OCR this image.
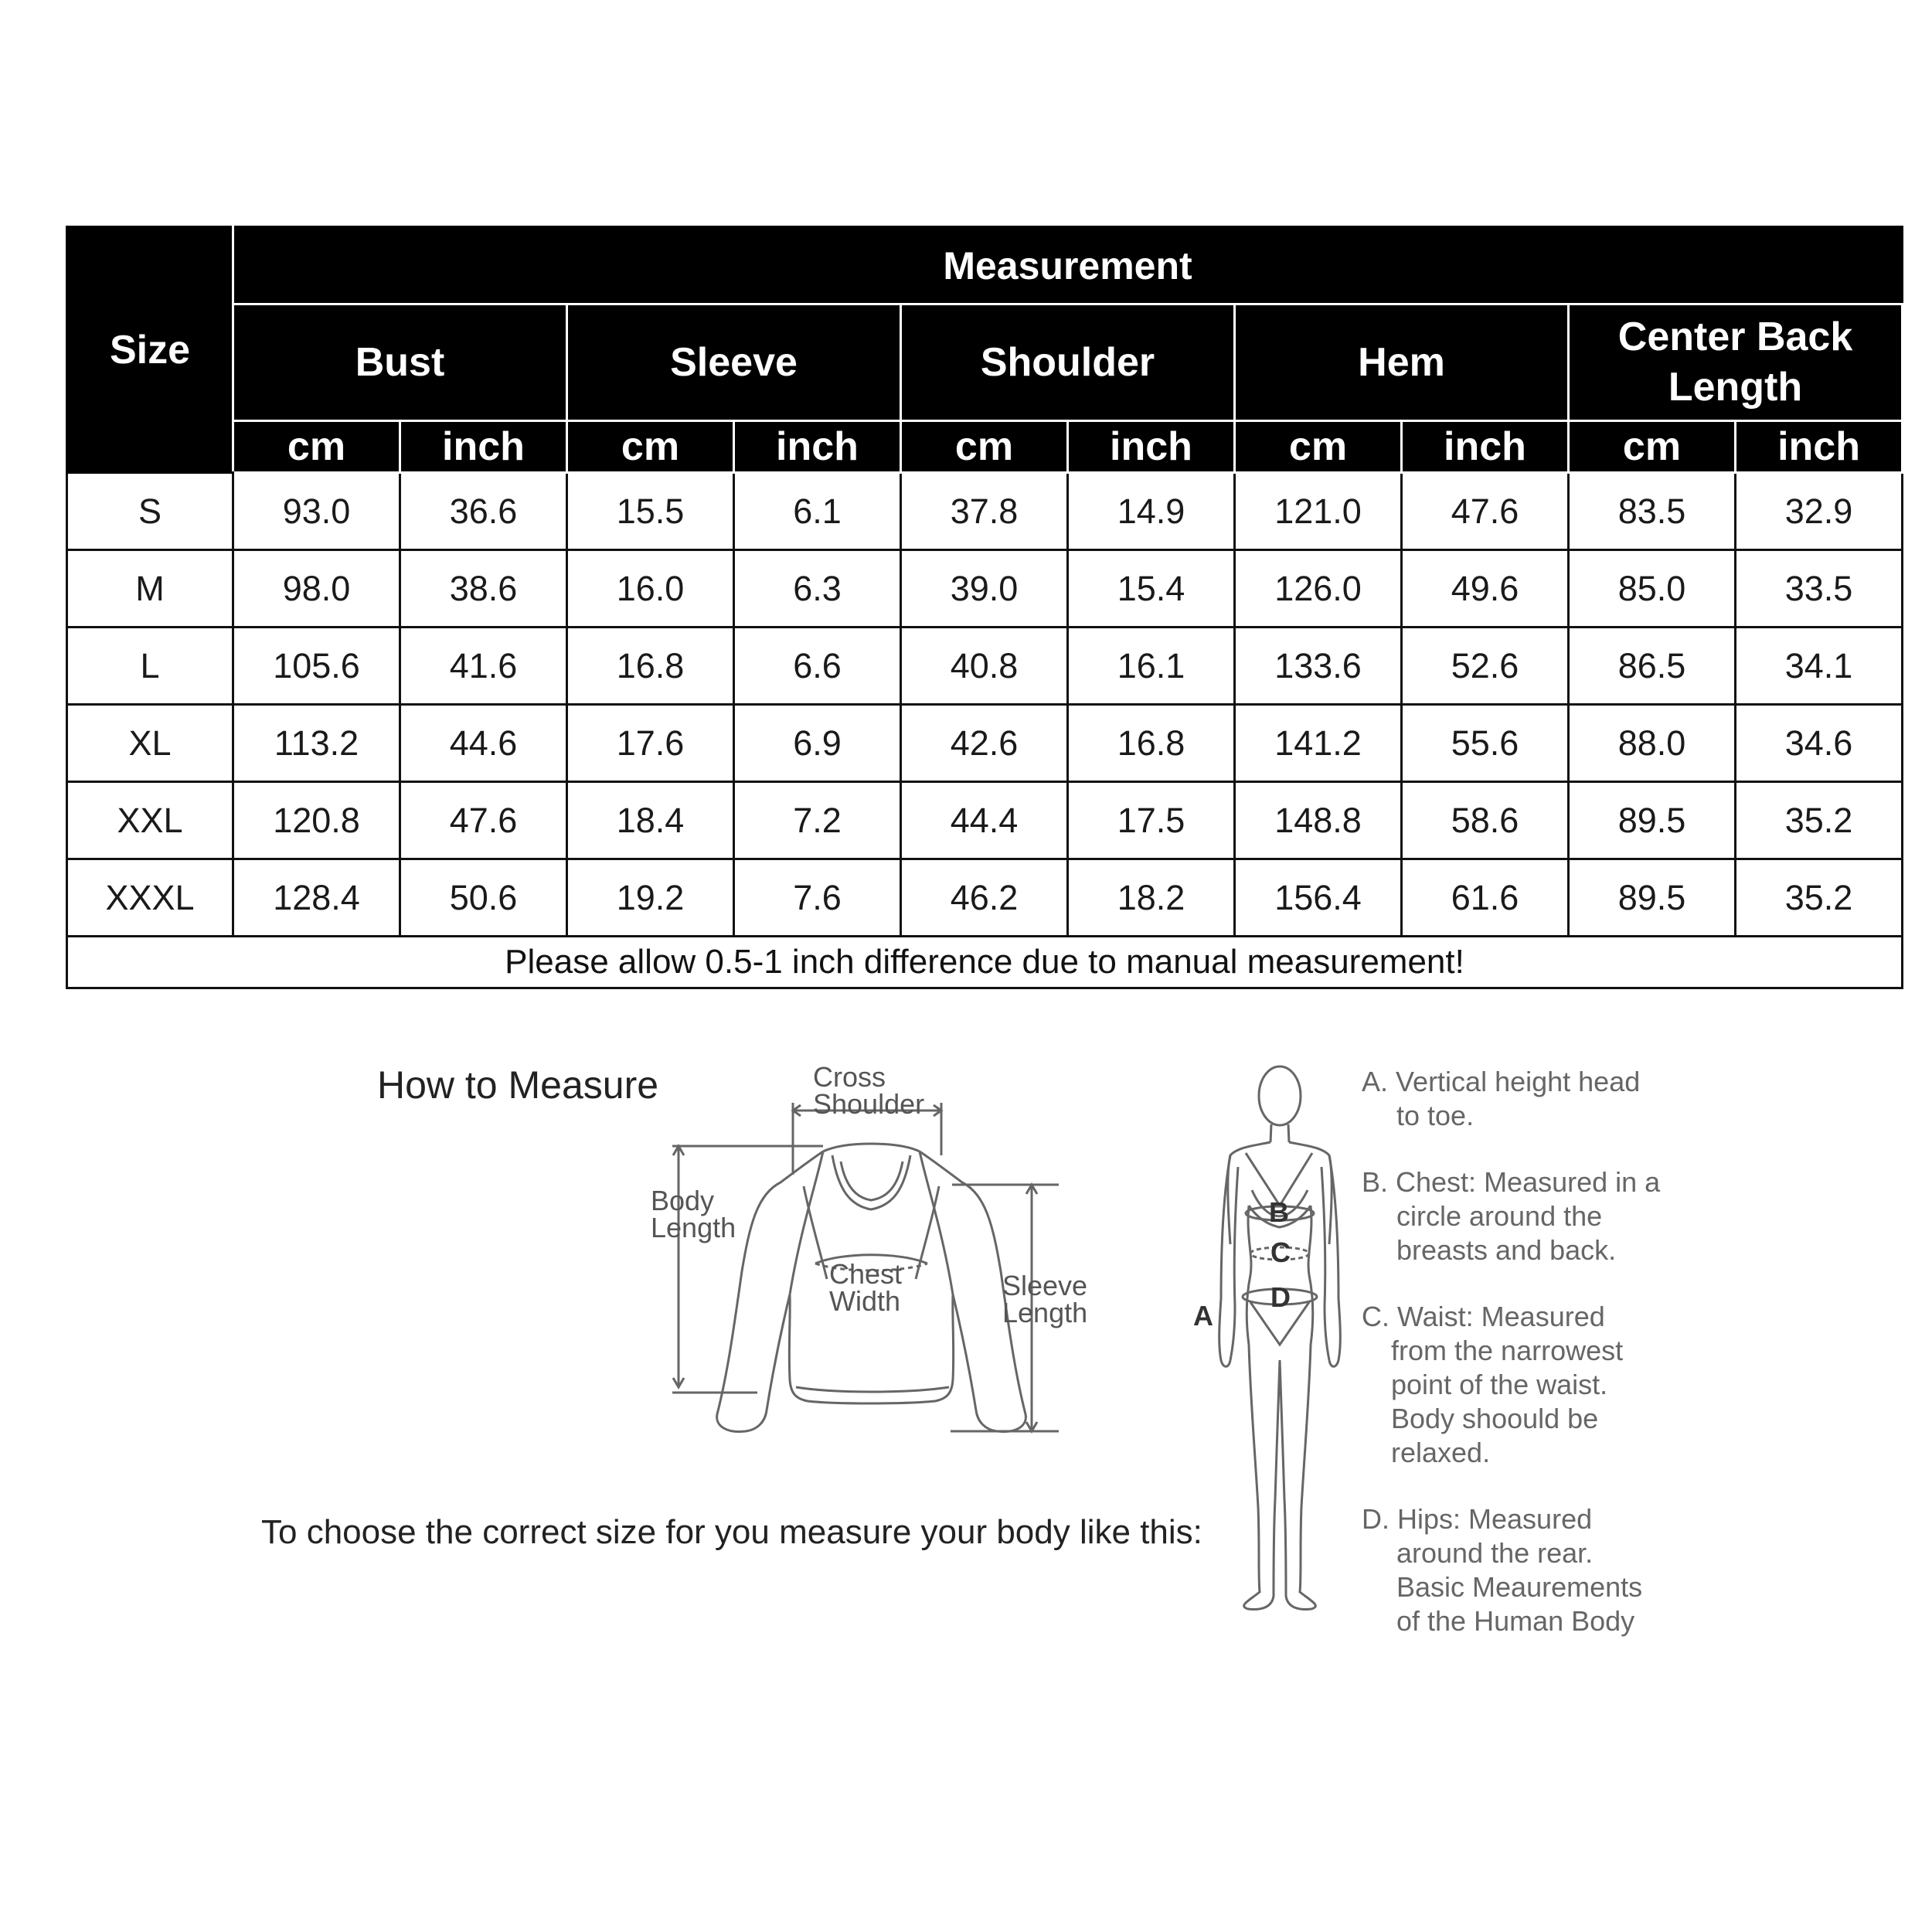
Size	Measurement									
	Bust		Sleeve		Shoulder		Hem		Center Back Length	
	cm	inch	cm	inch	cm	inch	cm	inch	cm	inch
S	93.0	36.6	15.5	6.1	37.8	14.9	121.0	47.6	83.5	32.9
M	98.0	38.6	16.0	6.3	39.0	15.4	126.0	49.6	85.0	33.5
L	105.6	41.6	16.8	6.6	40.8	16.1	133.6	52.6	86.5	34.1
XL	113.2	44.6	17.6	6.9	42.6	16.8	141.2	55.6	88.0	34.6
XXL	120.8	47.6	18.4	7.2	44.4	17.5	148.8	58.6	89.5	35.2
XXXL	128.4	50.6	19.2	7.6	46.2	18.2	156.4	61.6	89.5	35.2
Please allow 0.5-1 inch difference due to manual measurement!										
How to Measure
To choose the correct size for you measure your body like this:
Cross
Shoulder
Body
Length
Chest
Width	Sleeve
Length
B
C
D
A

A. Vertical height head
to toe.

B. Chest: Measured in a
circle around the
breasts and back.

C. Waist: Measured
from the narrowest
point of the waist.
Body shoould be
relaxed.

D. Hips: Measured
around the rear.
Basic Meaurements
of the Human Body
